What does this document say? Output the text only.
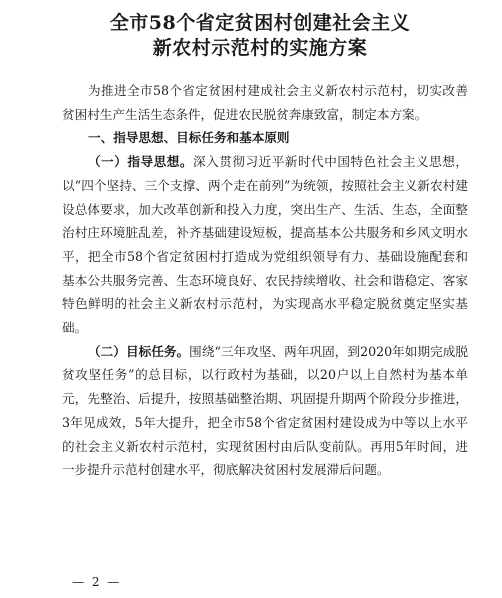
全市58个省定贫困村创建社会主义
新农村示范村的实施方案

为推进全市58个省定贫困村建成社会主义新农村示范村，切实改善贫困村生产生活生态条件，促进农民脱贫奔康致富，制定本方案。

一、指导思想、目标任务和基本原则

（一）指导思想。深入贯彻习近平新时代中国特色社会主义思想，以“四个坚持、三个支撑、两个走在前列”为统领，按照社会主义新农村建设总体要求，加大改革创新和投入力度，突出生产、生活、生态，全面整治村庄环境脏乱差，补齐基础建设短板，提高基本公共服务和乡风文明水平，把全市58个省定贫困村打造成为党组织领导有力、基础设施配套和基本公共服务完善、生态环境良好、农民持续增收、社会和谐稳定、客家特色鲜明的社会主义新农村示范村，为实现高水平稳定脱贫奠定坚实基础。

（二）目标任务。围绕“三年攻坚、两年巩固，到2020年如期完成脱贫攻坚任务”的总目标，以行政村为基础，以20户以上自然村为基本单元，先整治、后提升，按照基础整治期、巩固提升期两个阶段分步推进，3年见成效，5年大提升，把全市58个省定贫困村建设成为中等以上水平的社会主义新农村示范村，实现贫困村由后队变前队。再用5年时间，进一步提升示范村创建水平，彻底解决贫困村发展滞后问题。

— 2 —
